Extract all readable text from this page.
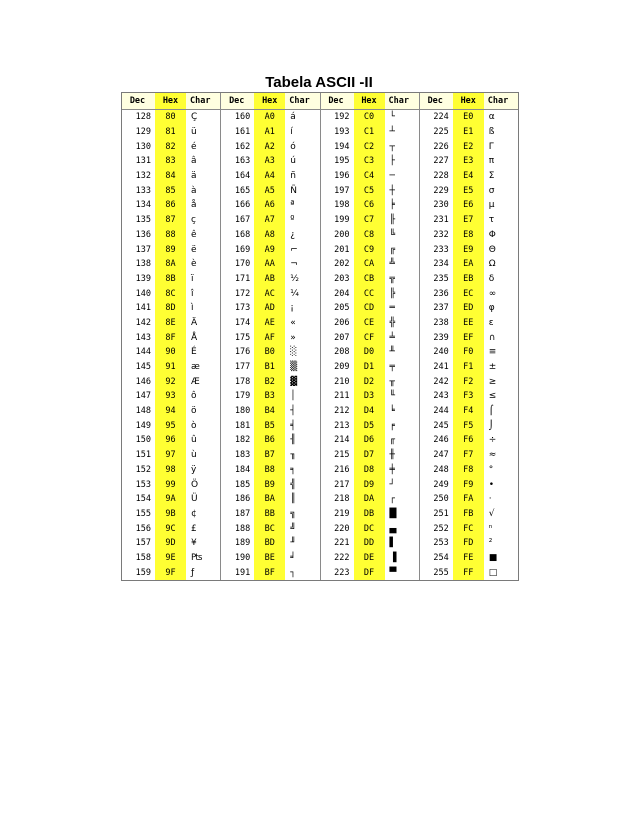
Tabela ASCII -II
Dec	Hex	Char
128	80	Ç
129	81	ü
130	82	é
131	83	â
132	84	ä
133	85	à
134	86	å
135	87	ç
136	88	ê
137	89	ë
138	8A	è
139	8B	ï
140	8C	î
141	8D	ì
142	8E	Ä
143	8F	Å
144	90	É
145	91	æ
146	92	Æ
147	93	ô
148	94	ö
149	95	ò
150	96	û
151	97	ù
152	98	ÿ
153	99	Ö
154	9A	Ü
155	9B	¢
156	9C	£
157	9D	¥
158	9E	₧
159	9F	ƒ
Dec	Hex	Char
160	A0	á
161	A1	í
162	A2	ó
163	A3	ú
164	A4	ñ
165	A5	Ñ
166	A6	ª
167	A7	º
168	A8	¿
169	A9	⌐
170	AA	¬
171	AB	½
172	AC	¼
173	AD	¡
174	AE	«
175	AF	»
176	B0	░
177	B1	▒
178	B2	▓
179	B3	│
180	B4	┤
181	B5	╡
182	B6	╢
183	B7	╖
184	B8	╕
185	B9	╣
186	BA	║
187	BB	╗
188	BC	╝
189	BD	╜
190	BE	╛
191	BF	┐
Dec	Hex	Char
192	C0	└
193	C1	┴
194	C2	┬
195	C3	├
196	C4	─
197	C5	┼
198	C6	╞
199	C7	╟
200	C8	╚
201	C9	╔
202	CA	╩
203	CB	╦
204	CC	╠
205	CD	═
206	CE	╬
207	CF	╧
208	D0	╨
209	D1	╤
210	D2	╥
211	D3	╙
212	D4	╘
213	D5	╒
214	D6	╓
215	D7	╫
216	D8	╪
217	D9	┘
218	DA	┌
219	DB	█
220	DC	▄
221	DD	▌
222	DE	▐
223	DF	▀
Dec	Hex	Char
224	E0	α
225	E1	ß
226	E2	Γ
227	E3	π
228	E4	Σ
229	E5	σ
230	E6	µ
231	E7	τ
232	E8	Φ
233	E9	Θ
234	EA	Ω
235	EB	δ
236	EC	∞
237	ED	φ
238	EE	ε
239	EF	∩
240	F0	≡
241	F1	±
242	F2	≥
243	F3	≤
244	F4	⌠
245	F5	⌡
246	F6	÷
247	F7	≈
248	F8	°
249	F9	•
250	FA	·
251	FB	√
252	FC	ⁿ
253	FD	²
254	FE	■
255	FF	□
